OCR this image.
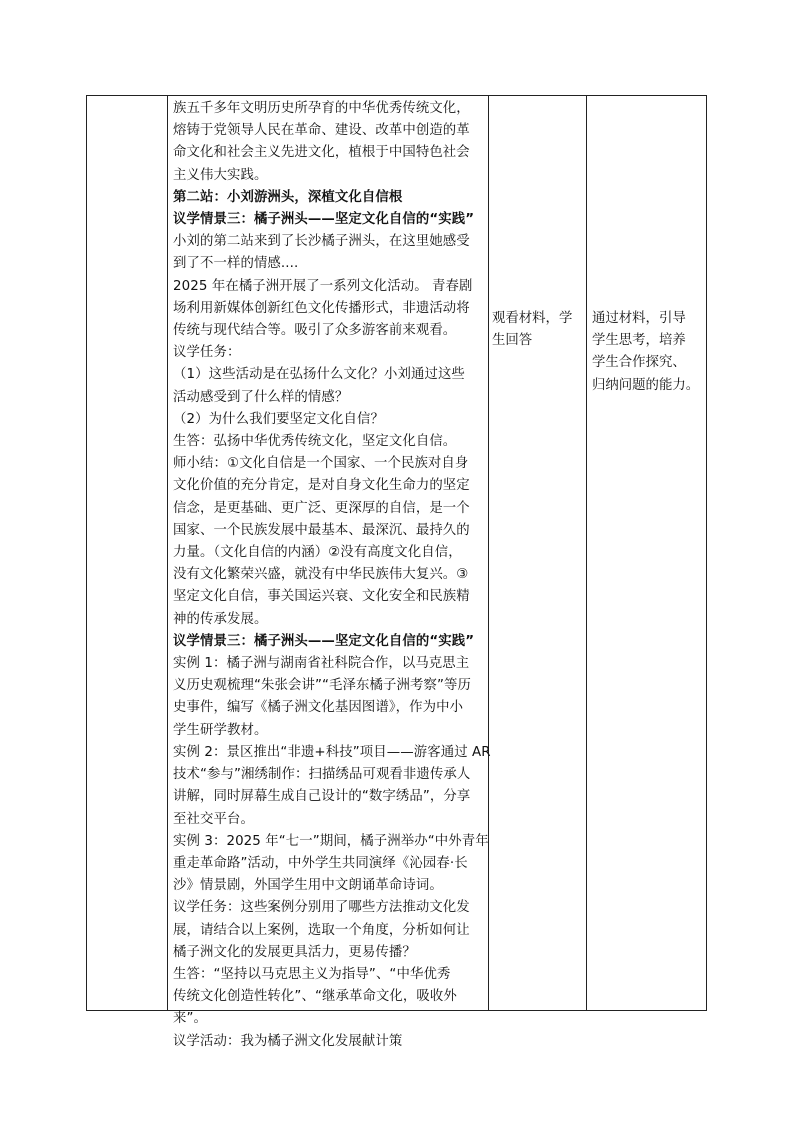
族五千多年文明历史所孕育的中华优秀传统文化，
熔铸于党领导人民在革命、建设、改革中创造的革
命文化和社会主义先进文化，植根于中国特色社会
主义伟大实践。
第二站：小刘游洲头，深植文化自信根
议学情景三：橘子洲头——坚定文化自信的“实践”
小刘的第二站来到了长沙橘子洲头，在这里她感受
到了不一样的情感....
2025 年在橘子洲开展了一系列文化活动。 青春剧
场利用新媒体创新红色文化传播形式，非遗活动将
传统与现代结合等。吸引了众多游客前来观看。
议学任务：
（1）这些活动是在弘扬什么文化？小刘通过这些
活动感受到了什么样的情感？
（2）为什么我们要坚定文化自信？
生答：弘扬中华优秀传统文化，坚定文化自信。
师小结：①文化自信是一个国家、一个民族对自身
文化价值的充分肯定，是对自身文化生命力的坚定
信念，是更基础、更广泛、更深厚的自信，是一个
国家、一个民族发展中最基本、最深沉、最持久的
力量。（文化自信的内涵）②没有高度文化自信，
没有文化繁荣兴盛，就没有中华民族伟大复兴。③
坚定文化自信，事关国运兴衰、文化安全和民族精
神的传承发展。
议学情景三：橘子洲头——坚定文化自信的“实践”
实例 1：橘子洲与湖南省社科院合作，以马克思主
义历史观梳理“朱张会讲”“毛泽东橘子洲考察”等历
史事件，编写《橘子洲文化基因图谱》，作为中小
学生研学教材。
实例 2：景区推出“非遗+科技”项目——游客通过 AR
技术“参与”湘绣制作：扫描绣品可观看非遗传承人
讲解，同时屏幕生成自己设计的“数字绣品”，分享
至社交平台。
实例 3：2025 年“七一”期间，橘子洲举办“中外青年
重走革命路”活动，中外学生共同演绎《沁园春·长
沙》情景剧，外国学生用中文朗诵革命诗词。
议学任务：这些案例分别用了哪些方法推动文化发
展，请结合以上案例，选取一个角度，分析如何让
橘子洲文化的发展更具活力，更易传播？
生答：“坚持以马克思主义为指导”、“中华优秀
传统文化创造性转化”、“继承革命文化，吸收外
来”。
议学活动：我为橘子洲文化发展献计策
观看材料，学
生回答
通过材料，引导
学生思考，培养
学生合作探究、
归纳问题的能力。
